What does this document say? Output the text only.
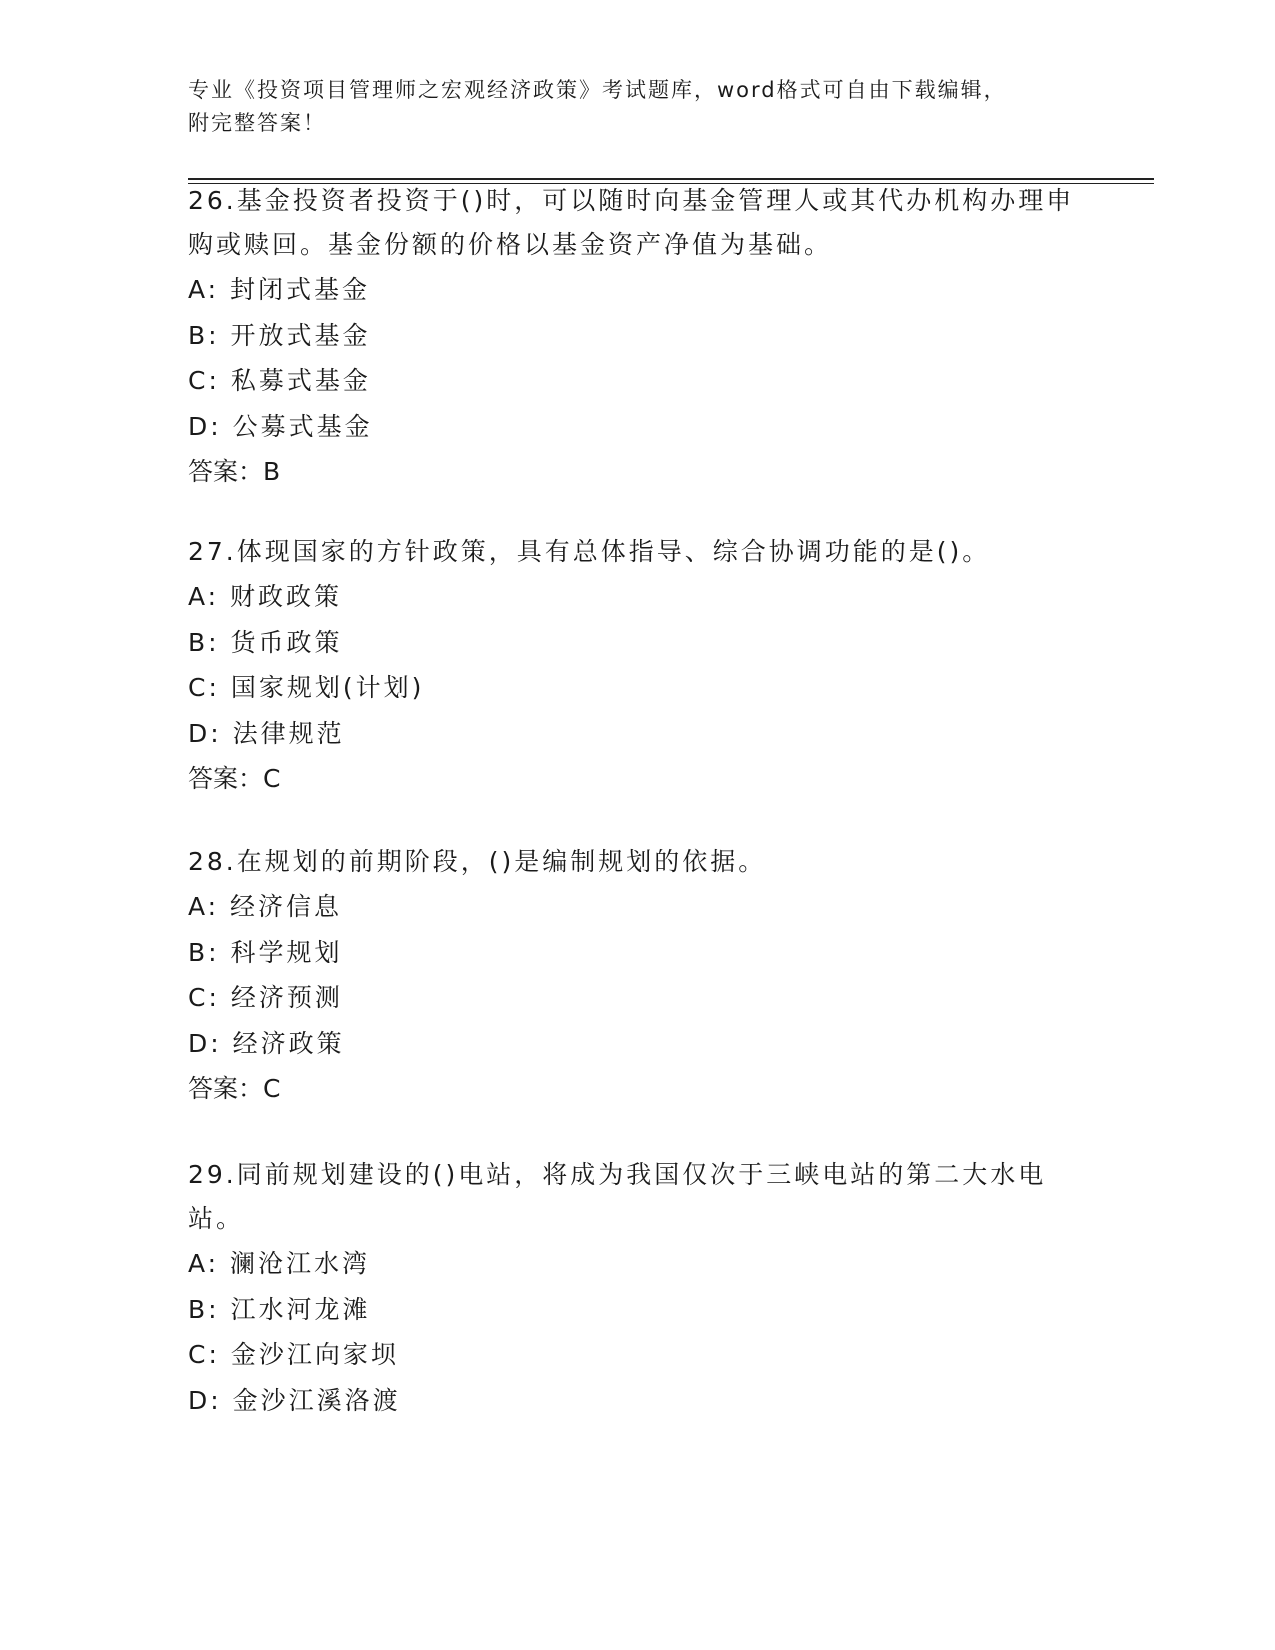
专业《投资项目管理师之宏观经济政策》考试题库，word格式可自由下载编辑，
附完整答案！

26.基金投资者投资于()时，可以随时向基金管理人或其代办机构办理申购或赎回。基金份额的价格以基金资产净值为基础。

A: 封闭式基金

B: 开放式基金

C: 私募式基金

D: 公募式基金

答案：B

27.体现国家的方针政策，具有总体指导、综合协调功能的是()。

A: 财政政策

B: 货币政策

C: 国家规划(计划)

D: 法律规范

答案：C

28.在规划的前期阶段，()是编制规划的依据。

A: 经济信息

B: 科学规划

C: 经济预测

D: 经济政策

答案：C

29.同前规划建设的()电站，将成为我国仅次于三峡电站的第二大水电站。

A: 澜沧江水湾

B: 江水河龙滩

C: 金沙江向家坝

D: 金沙江溪洛渡
